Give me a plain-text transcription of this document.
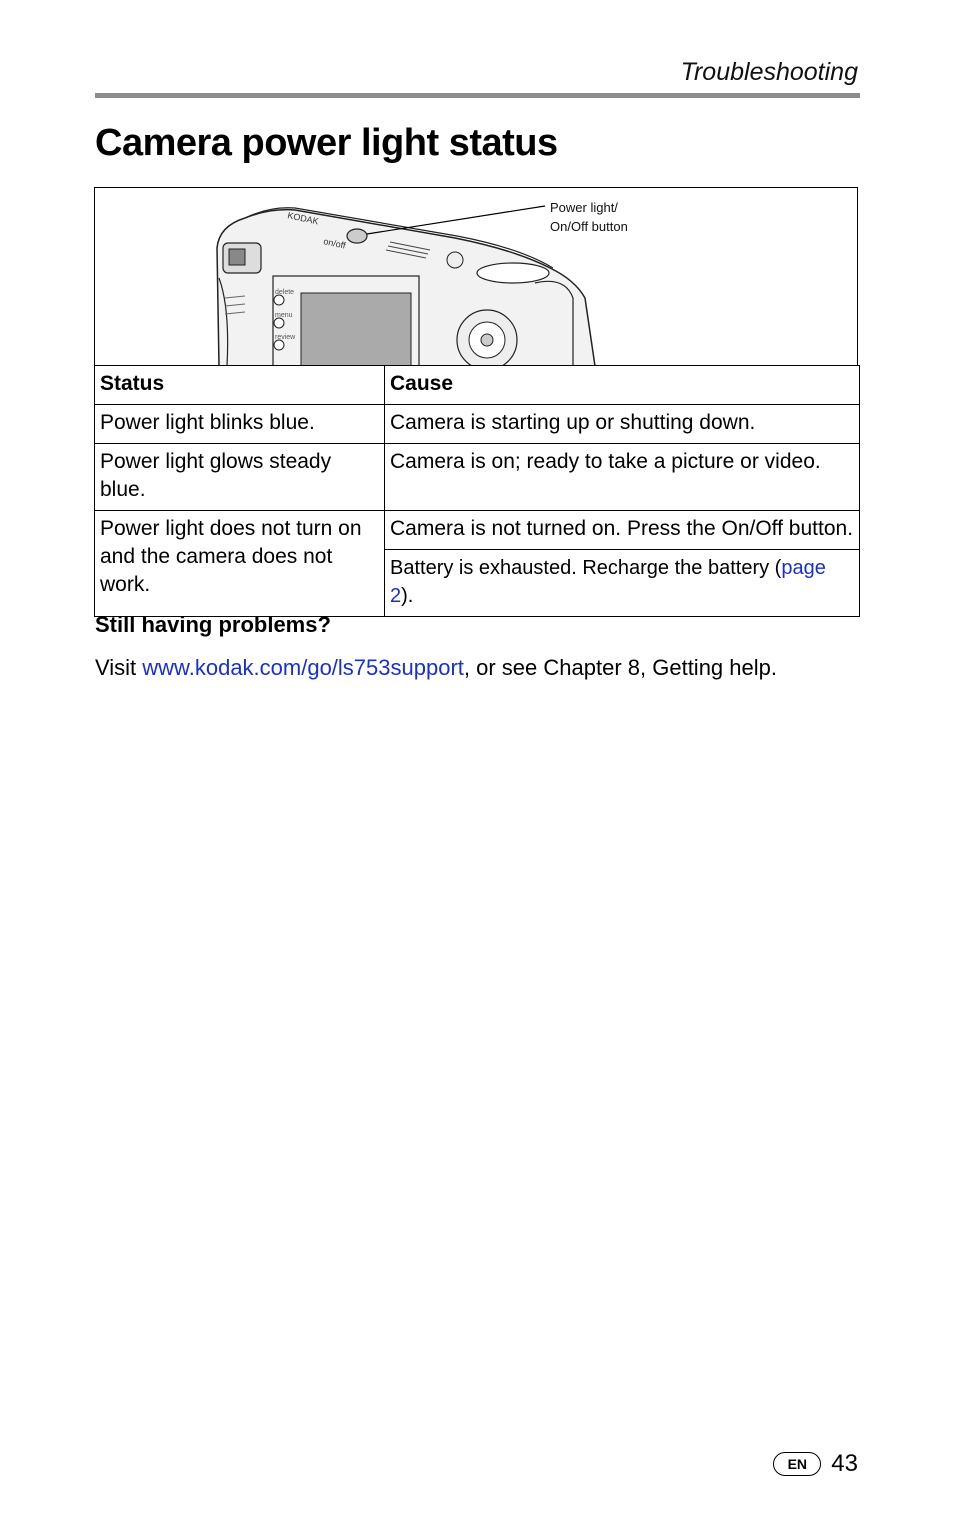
Troubleshooting
Camera power light status
KODAK
on/off
delete
menu
review
Power light/
On/Off button
Status	Cause
Power light blinks blue.	Camera is starting up or shutting down.
Power light glows steady blue.	Camera is on; ready to take a picture or video.
Power light does not turn on and the camera does not work.	Camera is not turned on. Press the On/Off button.
	Battery is exhausted. Recharge the battery (page 2).
Still having problems?
Visit www.kodak.com/go/ls753support, or see Chapter 8, Getting help.
EN	43
